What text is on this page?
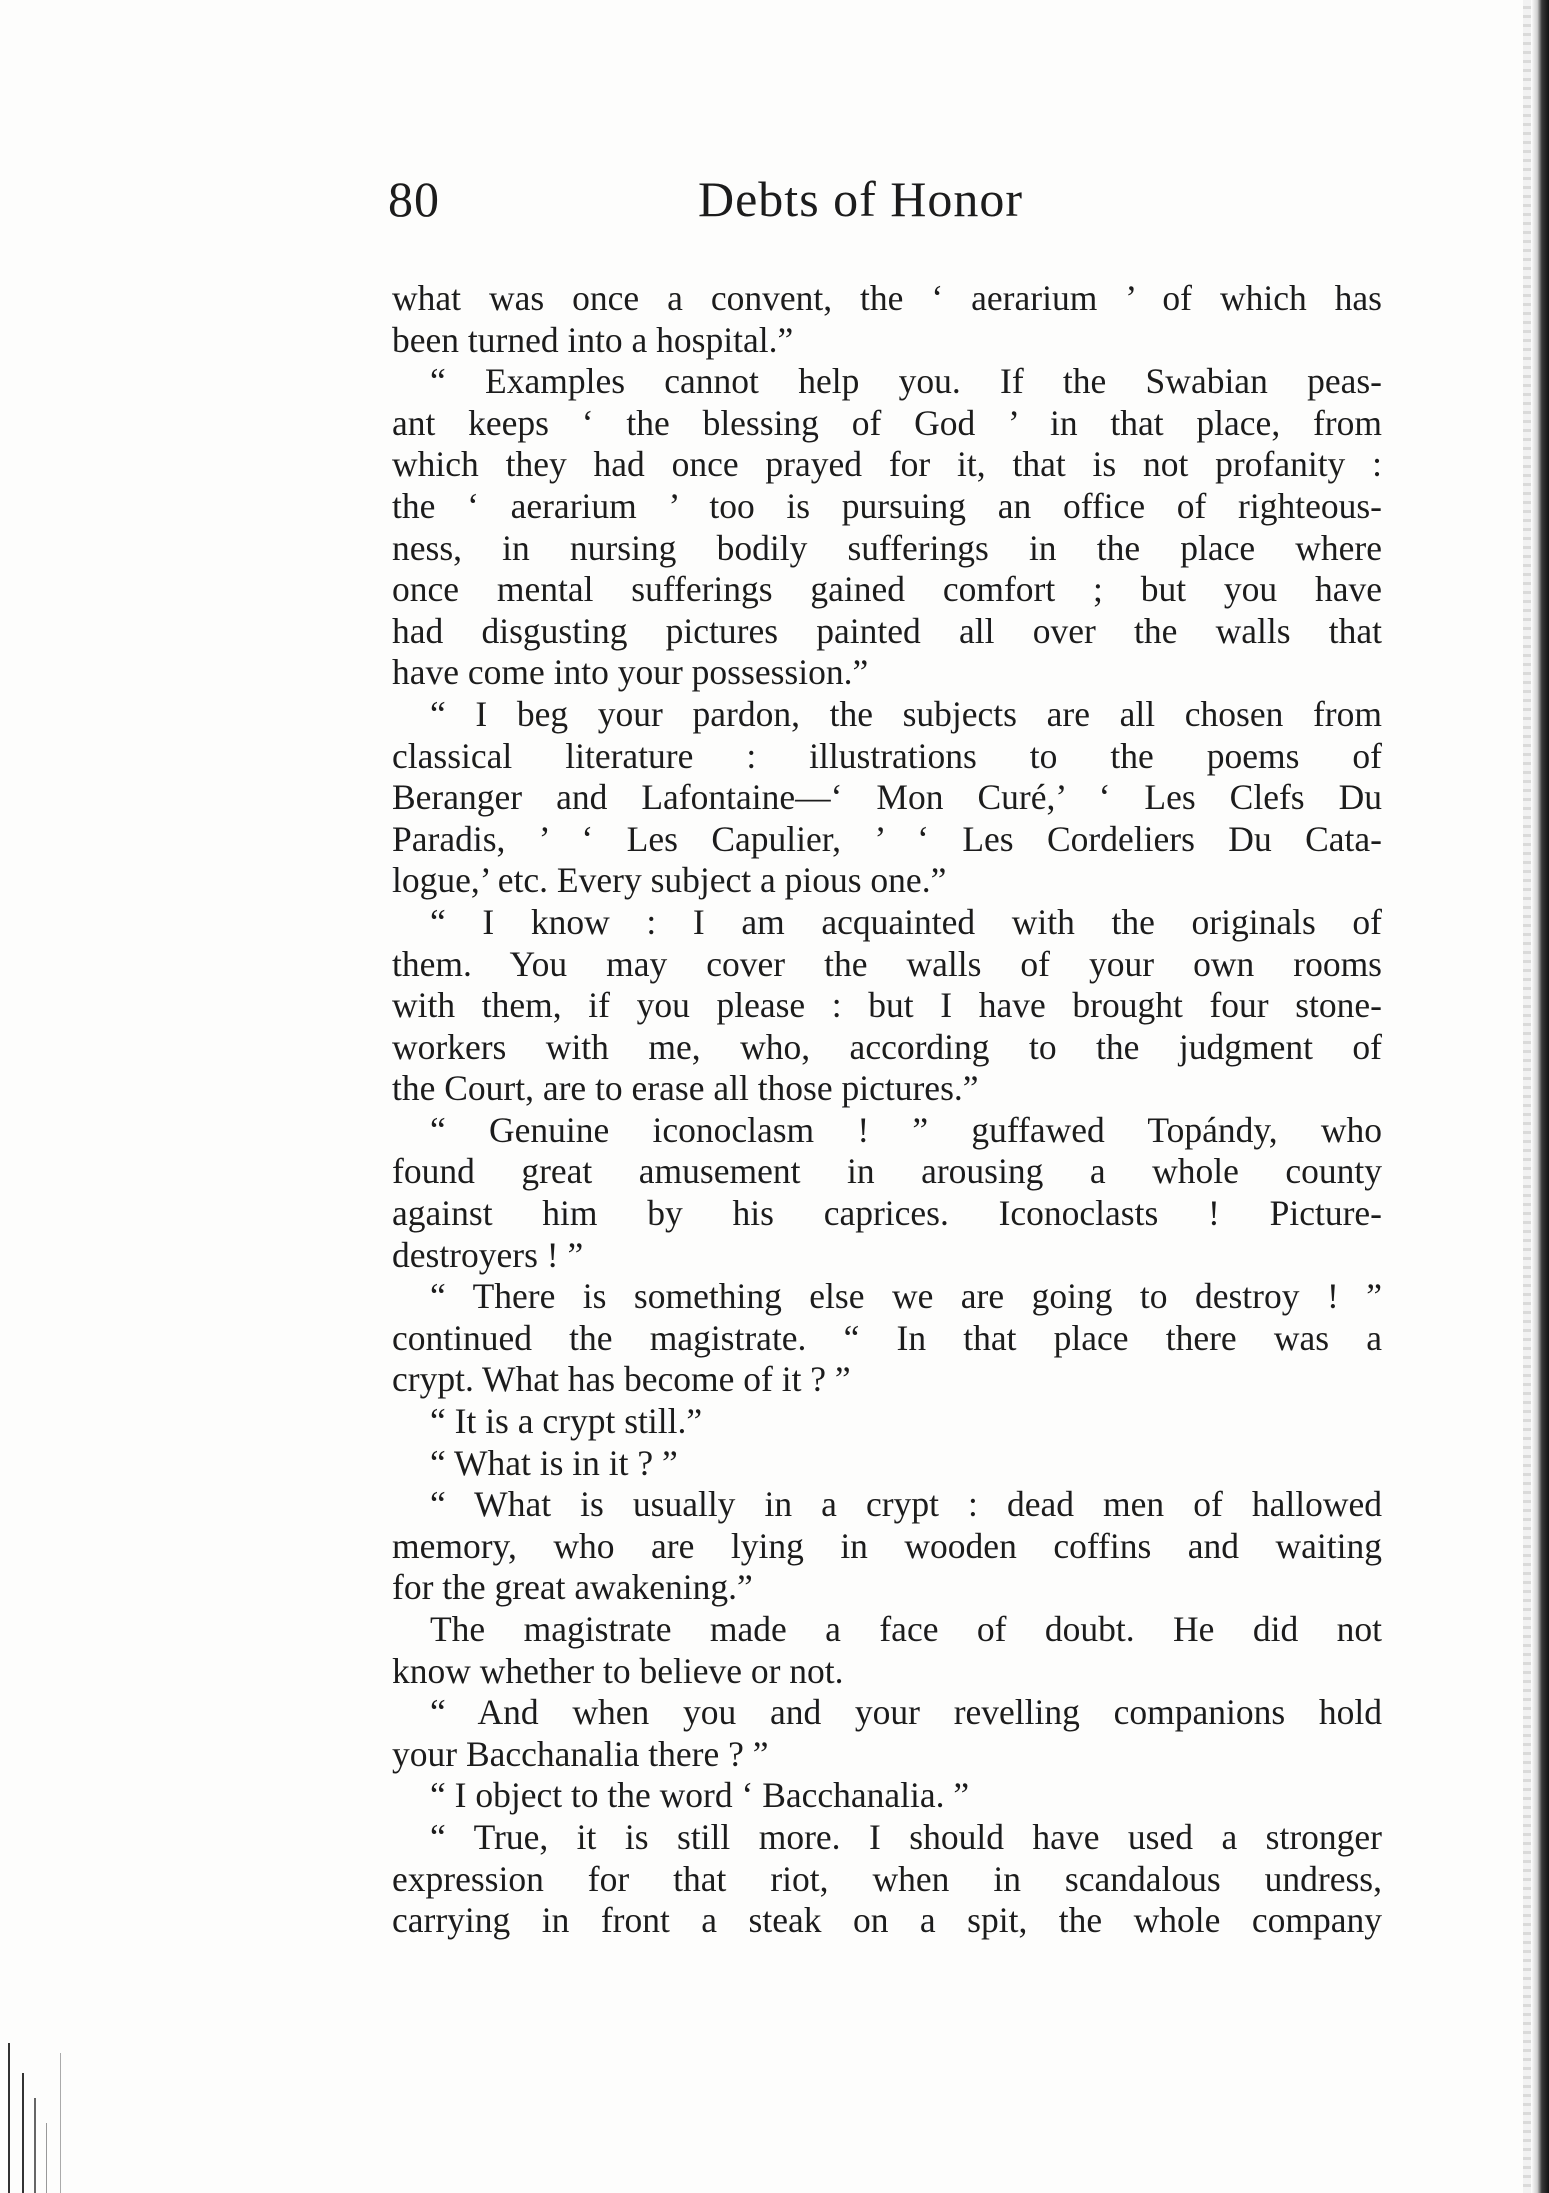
80	Debts of Honor
what was once a convent, the ‘ aerarium ’ of which has
been turned into a hospital.”
“ Examples cannot help you. If the Swabian peas-
ant keeps ‘ the blessing of God ’ in that place, from
which they had once prayed for it, that is not profanity :
the ‘ aerarium ’ too is pursuing an office of righteous-
ness, in nursing bodily sufferings in the place where
once mental sufferings gained comfort ; but you have
had disgusting pictures painted all over the walls that
have come into your possession.”
“ I beg your pardon, the subjects are all chosen from
classical literature : illustrations to the poems of
Beranger and Lafontaine—‘ Mon Curé,’ ‘ Les Clefs Du
Paradis, ’ ‘ Les Capulier, ’ ‘ Les Cordeliers Du Cata-
logue,’ etc. Every subject a pious one.”
“ I know : I am acquainted with the originals of
them. You may cover the walls of your own rooms
with them, if you please : but I have brought four stone-
workers with me, who, according to the judgment of
the Court, are to erase all those pictures.”
“ Genuine iconoclasm ! ” guffawed Topándy, who
found great amusement in arousing a whole county
against him by his caprices. Iconoclasts ! Picture-
destroyers ! ”
“ There is something else we are going to destroy ! ”
continued the magistrate. “ In that place there was a
crypt. What has become of it ? ”
“ It is a crypt still.”
“ What is in it ? ”
“ What is usually in a crypt : dead men of hallowed
memory, who are lying in wooden coffins and waiting
for the great awakening.”
The magistrate made a face of doubt. He did not
know whether to believe or not.
“ And when you and your revelling companions hold
your Bacchanalia there ? ”
“ I object to the word ‘ Bacchanalia. ”
“ True, it is still more. I should have used a stronger
expression for that riot, when in scandalous undress,
carrying in front a steak on a spit, the whole company
